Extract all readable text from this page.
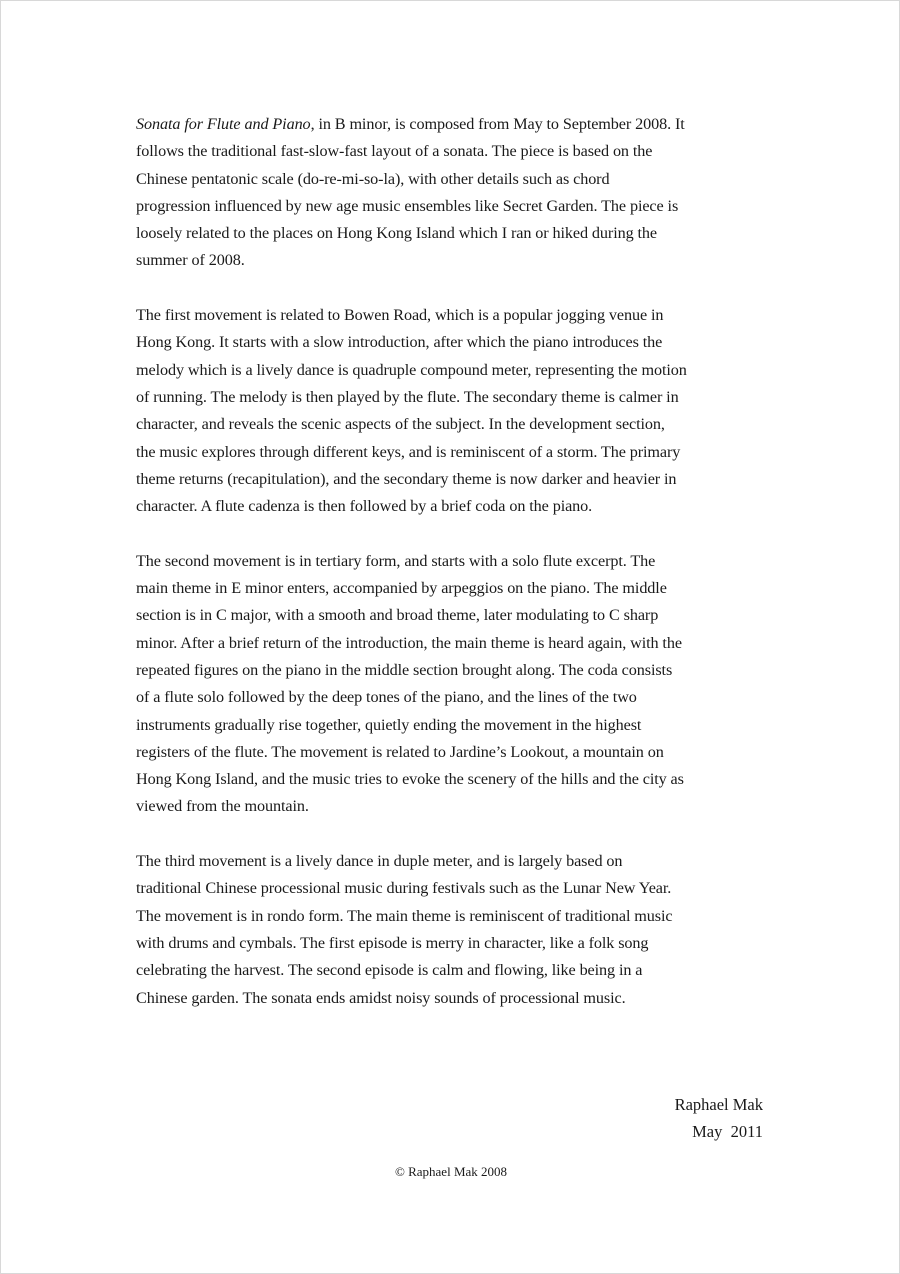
Sonata for Flute and Piano, in B minor, is composed from May to September 2008. It
follows the traditional fast-slow-fast layout of a sonata. The piece is based on the
Chinese pentatonic scale (do-re-mi-so-la), with other details such as chord
progression influenced by new age music ensembles like Secret Garden. The piece is
loosely related to the places on Hong Kong Island which I ran or hiked during the
summer of 2008.

The first movement is related to Bowen Road, which is a popular jogging venue in
Hong Kong. It starts with a slow introduction, after which the piano introduces the
melody which is a lively dance is quadruple compound meter, representing the motion
of running. The melody is then played by the flute. The secondary theme is calmer in
character, and reveals the scenic aspects of the subject. In the development section,
the music explores through different keys, and is reminiscent of a storm. The primary
theme returns (recapitulation), and the secondary theme is now darker and heavier in
character. A flute cadenza is then followed by a brief coda on the piano.

The second movement is in tertiary form, and starts with a solo flute excerpt. The
main theme in E minor enters, accompanied by arpeggios on the piano. The middle
section is in C major, with a smooth and broad theme, later modulating to C sharp
minor. After a brief return of the introduction, the main theme is heard again, with the
repeated figures on the piano in the middle section brought along. The coda consists
of a flute solo followed by the deep tones of the piano, and the lines of the two
instruments gradually rise together, quietly ending the movement in the highest
registers of the flute. The movement is related to Jardine’s Lookout, a mountain on
Hong Kong Island, and the music tries to evoke the scenery of the hills and the city as
viewed from the mountain.

The third movement is a lively dance in duple meter, and is largely based on
traditional Chinese processional music during festivals such as the Lunar New Year.
The movement is in rondo form. The main theme is reminiscent of traditional music
with drums and cymbals. The first episode is merry in character, like a folk song
celebrating the harvest. The second episode is calm and flowing, like being in a
Chinese garden. The sonata ends amidst noisy sounds of processional music.

Raphael Mak
May  2011
© Raphael Mak 2008
